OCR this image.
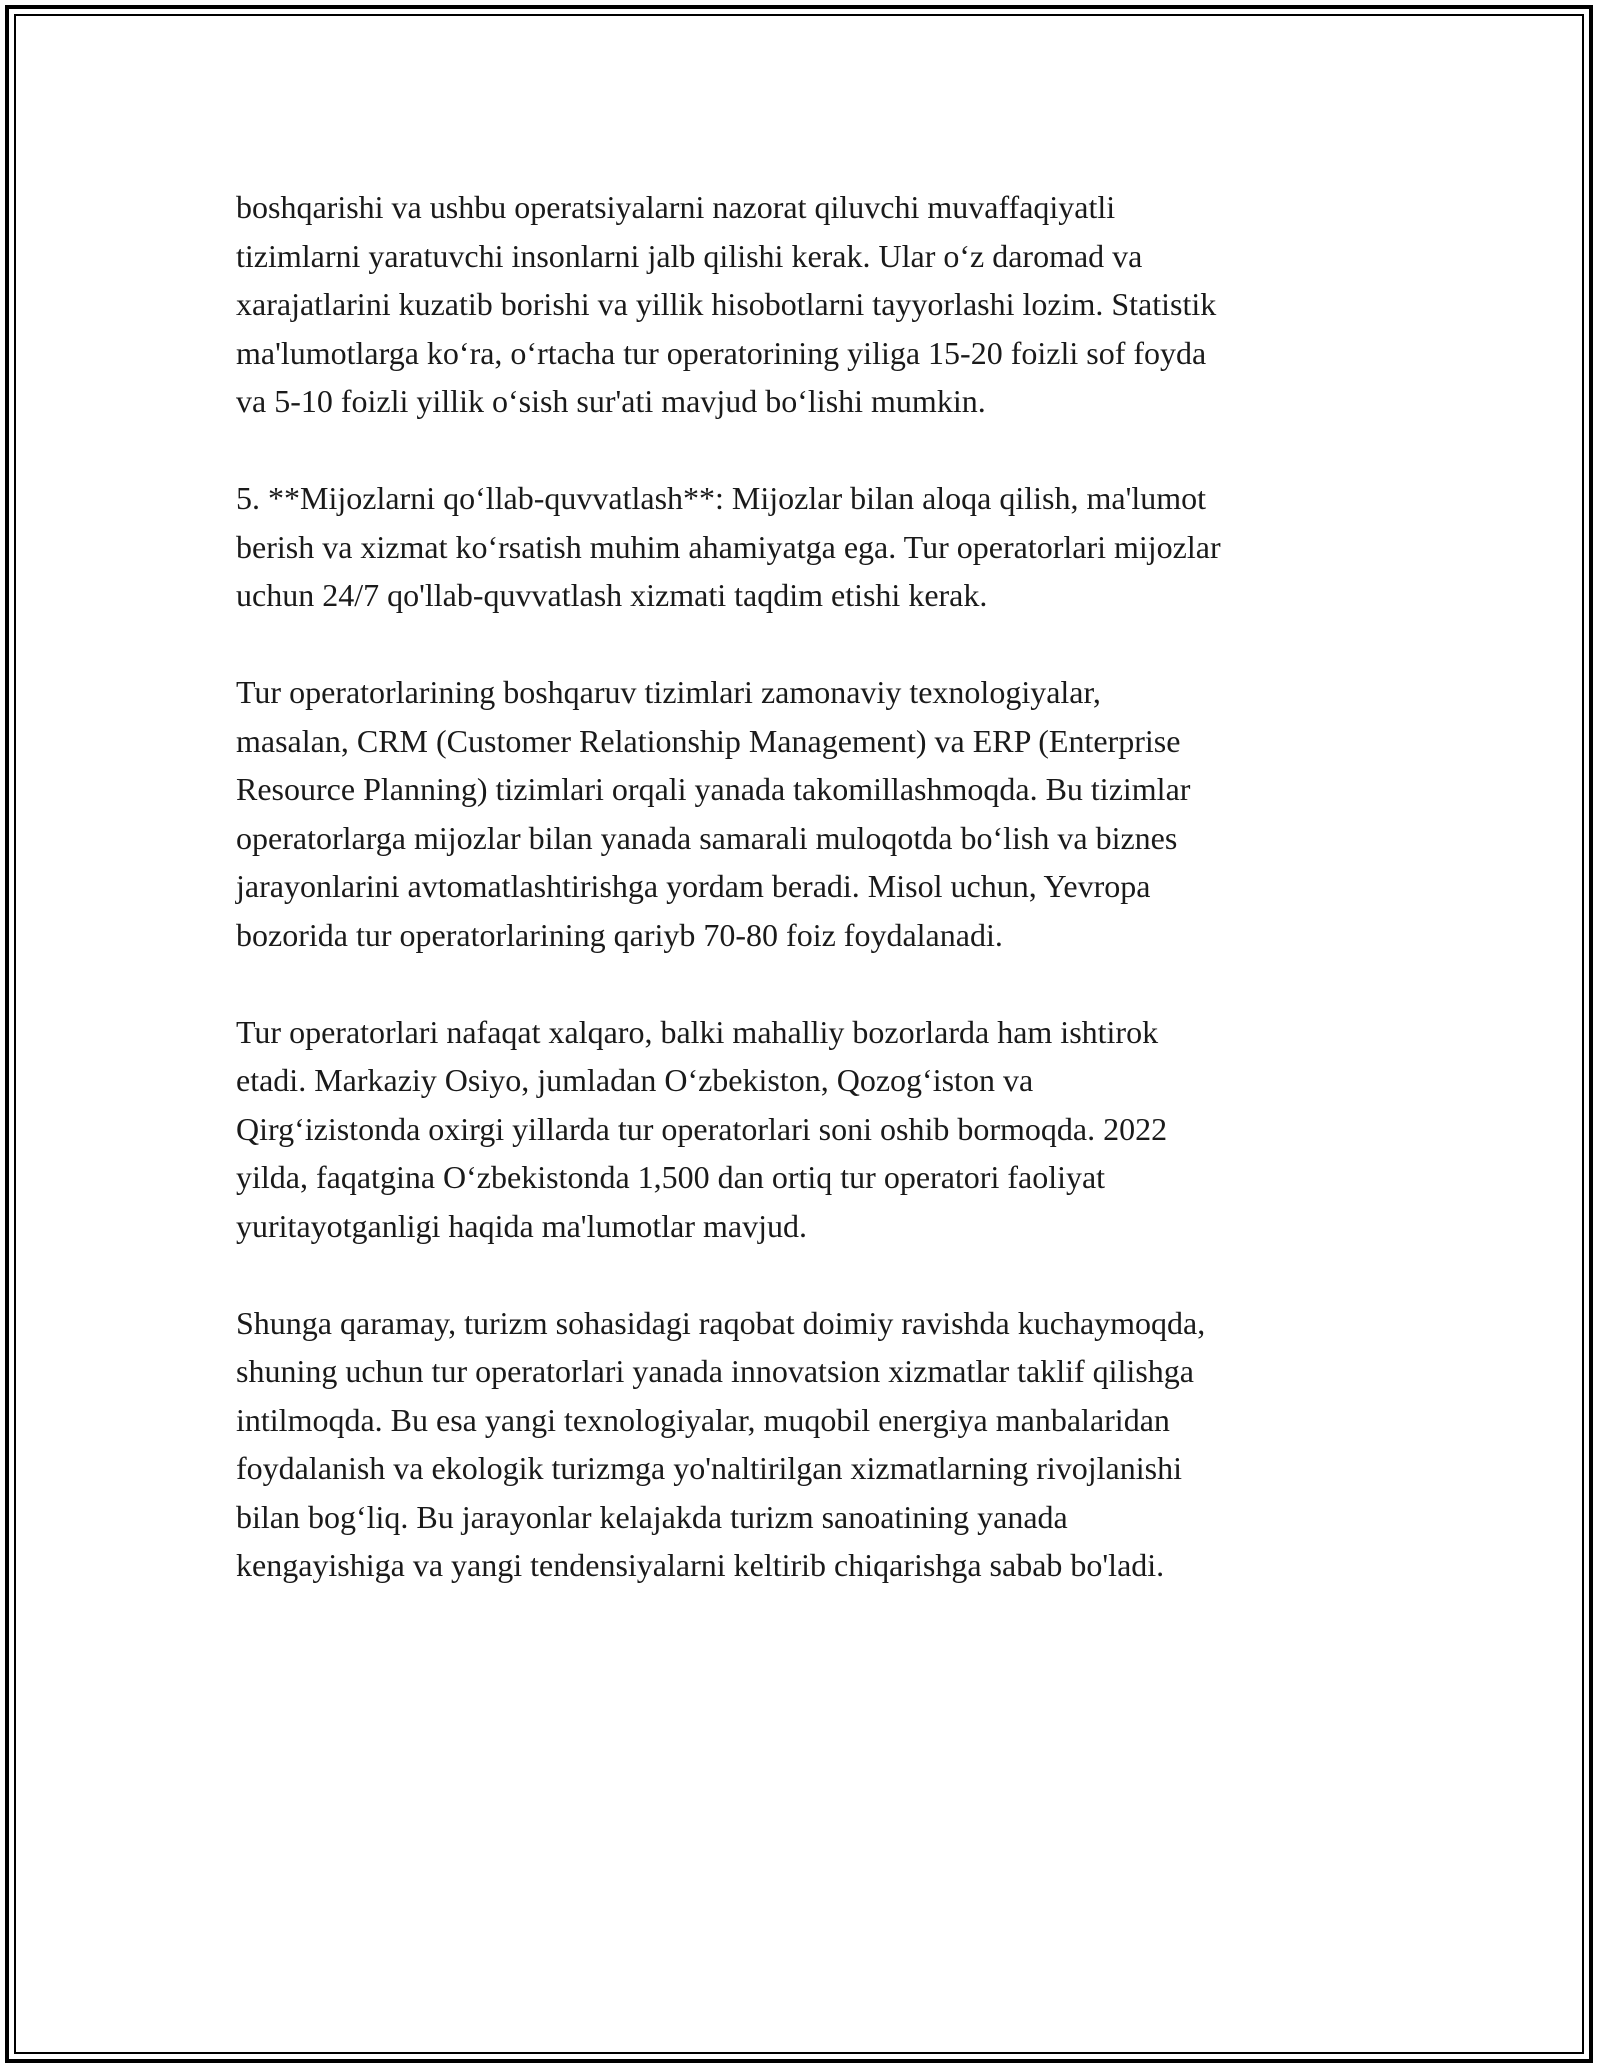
boshqarishi va ushbu operatsiyalarni nazorat qiluvchi muvaffaqiyatli
tizimlarni yaratuvchi insonlarni jalb qilishi kerak. Ular o‘z daromad va
xarajatlarini kuzatib borishi va yillik hisobotlarni tayyorlashi lozim. Statistik
ma'lumotlarga ko‘ra, o‘rtacha tur operatorining yiliga 15-20 foizli sof foyda
va 5-10 foizli yillik o‘sish sur'ati mavjud bo‘lishi mumkin.

5. **Mijozlarni qo‘llab-quvvatlash**: Mijozlar bilan aloqa qilish, ma'lumot
berish va xizmat ko‘rsatish muhim ahamiyatga ega. Tur operatorlari mijozlar
uchun 24/7 qo'llab-quvvatlash xizmati taqdim etishi kerak.

Tur operatorlarining boshqaruv tizimlari zamonaviy texnologiyalar,
masalan, CRM (Customer Relationship Management) va ERP (Enterprise
Resource Planning) tizimlari orqali yanada takomillashmoqda. Bu tizimlar
operatorlarga mijozlar bilan yanada samarali muloqotda bo‘lish va biznes
jarayonlarini avtomatlashtirishga yordam beradi. Misol uchun, Yevropa
bozorida tur operatorlarining qariyb 70-80 foiz foydalanadi.

Tur operatorlari nafaqat xalqaro, balki mahalliy bozorlarda ham ishtirok
etadi. Markaziy Osiyo, jumladan O‘zbekiston, Qozog‘iston va
Qirg‘izistonda oxirgi yillarda tur operatorlari soni oshib bormoqda. 2022
yilda, faqatgina O‘zbekistonda 1,500 dan ortiq tur operatori faoliyat
yuritayotganligi haqida ma'lumotlar mavjud.

Shunga qaramay, turizm sohasidagi raqobat doimiy ravishda kuchaymoqda,
shuning uchun tur operatorlari yanada innovatsion xizmatlar taklif qilishga
intilmoqda. Bu esa yangi texnologiyalar, muqobil energiya manbalaridan
foydalanish va ekologik turizmga yo'naltirilgan xizmatlarning rivojlanishi
bilan bog‘liq. Bu jarayonlar kelajakda turizm sanoatining yanada
kengayishiga va yangi tendensiyalarni keltirib chiqarishga sabab bo'ladi.
